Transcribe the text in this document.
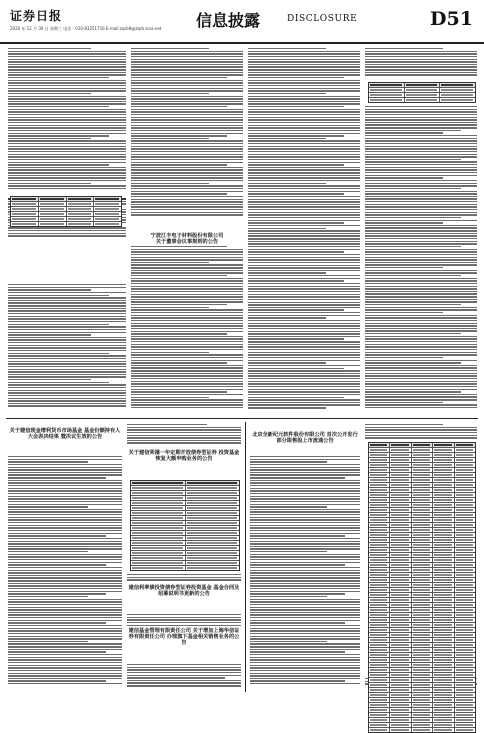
证券日报
2020 年 12 月 30 日 星期三 电话：010-83251716 E-mail:zqrb9@zqrb.sina.net 信息披露	DISCLOSURE	D51
宁波江丰电子材料股份有限公司
关于董事会议事规则的公告
关于建信现金增利货币市场基金 基金份额持有人大会表决结果 暨决议生效的公告
关于建信荣禧一年定期开放债券型证券 投资基金恢复大额申购业务的公告
北京全新纪元软件股份有限公司 首次公开发行部分限售股上市流通公告
建信利率债投资债券型证券投资基金 基金合同及招募说明书更新的公告
建信基金管理有限责任公司 关于增加上海华信证券有限责任公司 办理旗下基金相关销售业务的公告
